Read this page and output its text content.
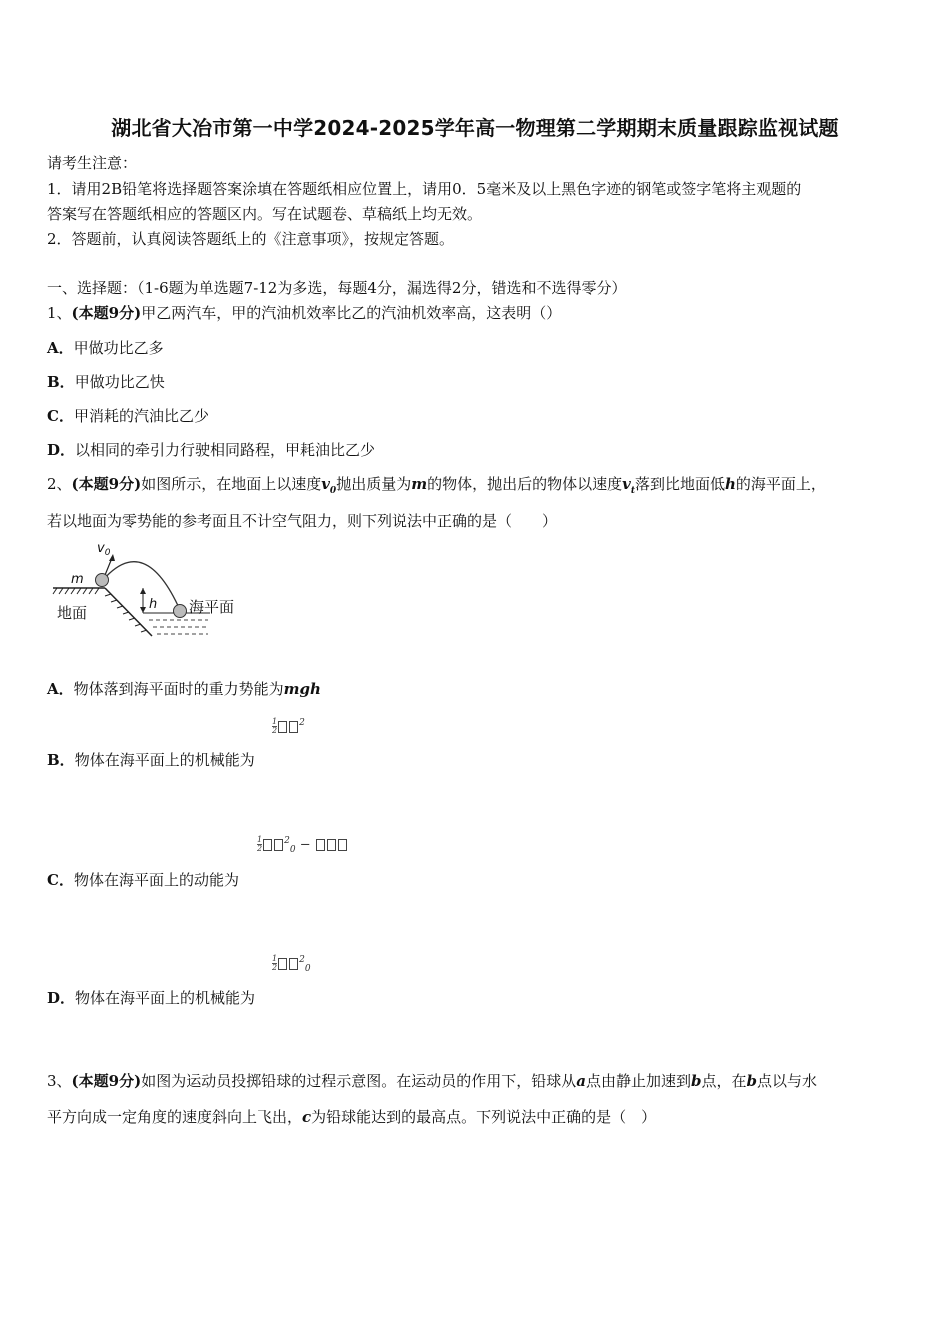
湖北省大冶市第一中学2024-2025学年高一物理第二学期期末质量跟踪监视试题
请考生注意：
1．请用2B铅笔将选择题答案涂填在答题纸相应位置上，请用0．5毫米及以上黑色字迹的钢笔或签字笔将主观题的
答案写在答题纸相应的答题区内。写在试题卷、草稿纸上均无效。
2．答题前，认真阅读答题纸上的《注意事项》，按规定答题。
一、选择题：（1-6题为单选题7-12为多选，每题4分，漏选得2分，错选和不选得零分）
1、(本题9分)甲乙两汽车，甲的汽油机效率比乙的汽油机效率高，这表明（）
A．甲做功比乙多
B．甲做功比乙快
C．甲消耗的汽油比乙少
D．以相同的牵引力行驶相同路程，甲耗油比乙少
2、(本题9分)如图所示，在地面上以速度$v_0$抛出质量为m的物体，抛出后的物体以速度$v_t$落到比地面低h的海平面上，
若以地面为零势能的参考面且不计空气阻力，则下列说法中正确的是（　　）
$v_0$
m
h
地面	海平面
A．物体落到海平面时的重力势能为mgh
$\frac{1}{2} ^2$
B．物体在海平面上的机械能为
$\frac{1}{2} ^2_0$ −
C．物体在海平面上的动能为
$\frac{1}{2} ^2_0$
D．物体在海平面上的机械能为
3、(本题9分)如图为运动员投掷铅球的过程示意图。在运动员的作用下，铅球从a点由静止加速到b点，在b点以与水
平方向成一定角度的速度斜向上飞出，c为铅球能达到的最高点。下列说法中正确的是（　）
